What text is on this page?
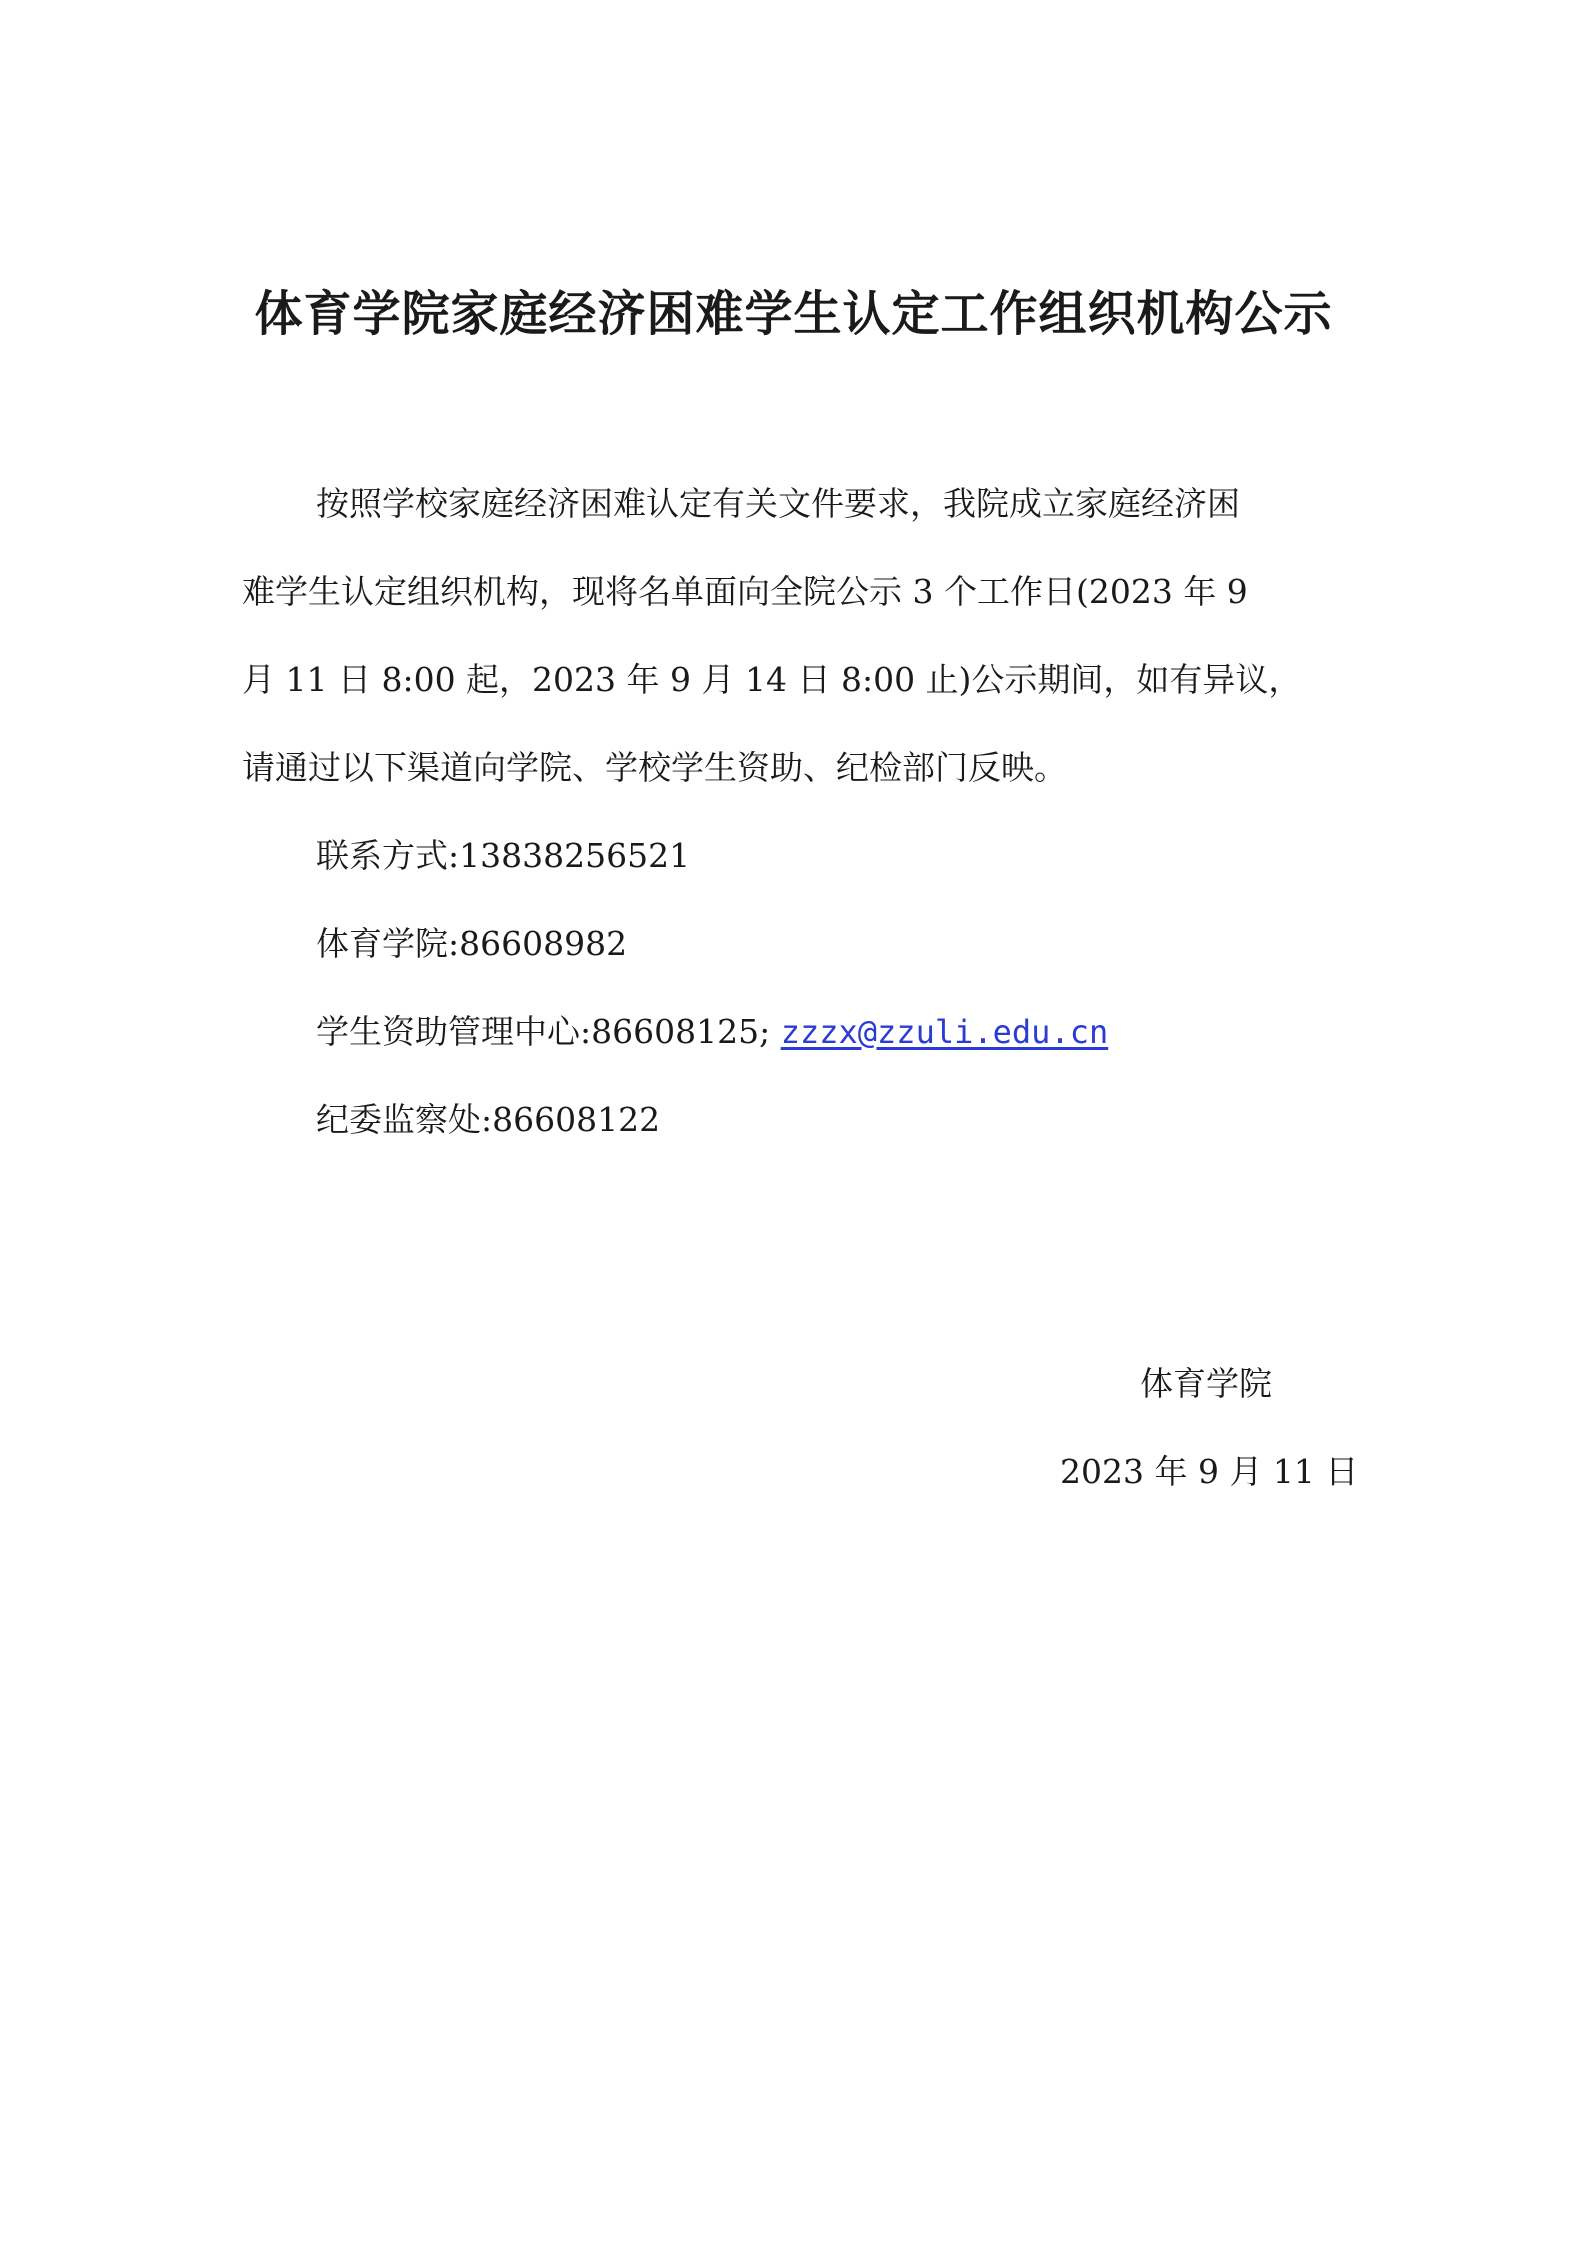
体育学院家庭经济困难学生认定工作组织机构公示
按照学校家庭经济困难认定有关文件要求，我院成立家庭经济困
难学生认定组织机构，现将名单面向全院公示 3 个工作日(2023 年 9
月 11 日 8:00 起，2023 年 9 月 14 日 8:00 止)公示期间，如有异议，
请通过以下渠道向学院、学校学生资助、纪检部门反映。
联系方式:13838256521
体育学院:86608982
学生资助管理中心:86608125; zzzx@zzuli.edu.cn
纪委监察处:86608122
体育学院
2023 年 9 月 11 日
